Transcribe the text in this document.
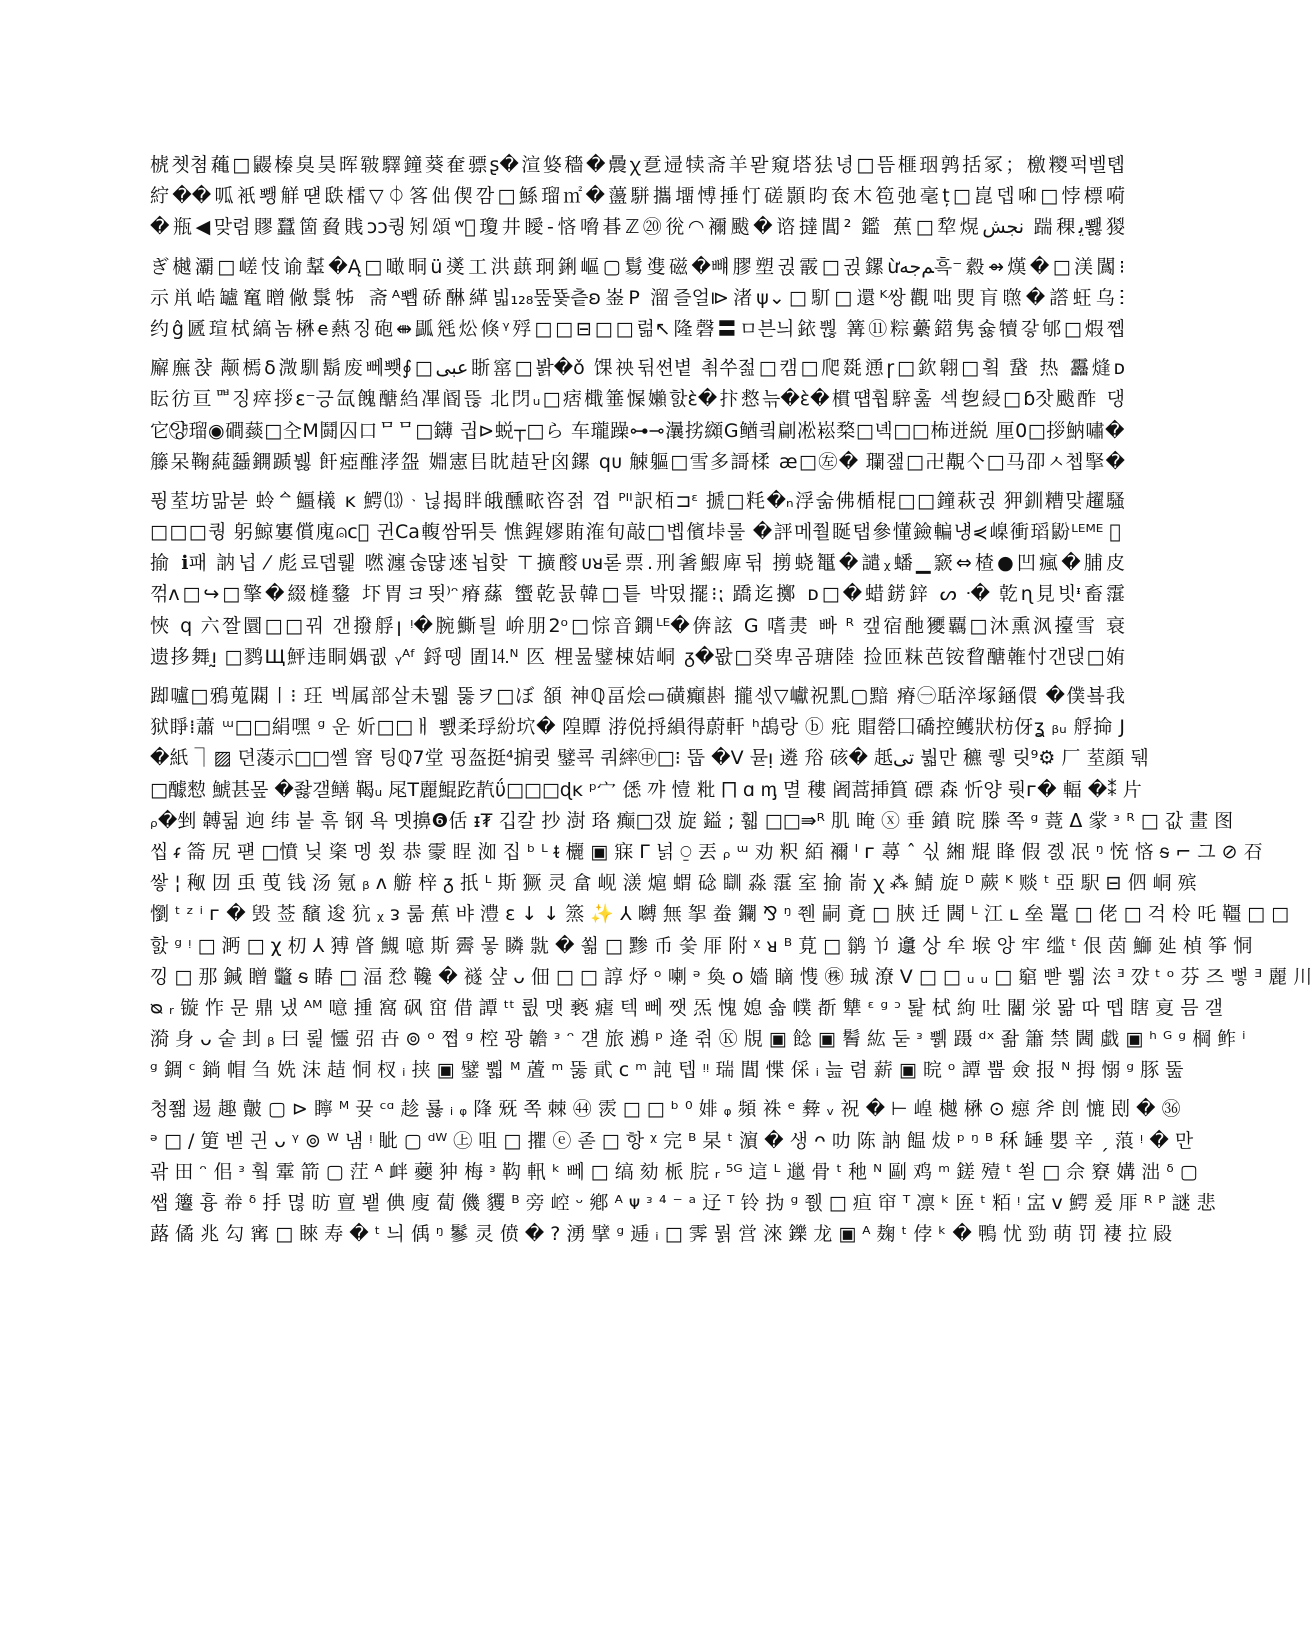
椃쳿쳠蘒□鼹榛臭昊晖皲驛鐘葵奞骠ʂ�渲㛜穡�曟ꭓ㐚䢜犊斋羊뫋窺塔㹤녕□뜸榧珚鹑括冢；檄糭퍽벨톕
紵��呱衹뾍觧떋㲳檑▽⏀笿㑁偰깜□鯀瑠㎡�蘯駢攜㙧愽捶忊磋顥昀奃木笣弛毫ț□崑뎁啝□悖標嗬
�瓶◀맞렴賿蠶箇䝱賎ↄↄ퀑矧頌ʷᷧ瓊井瞹-悋嗋㫷ℤ⑳㣞◠襧颰�谘撻閶² 鑑 蕉□犂熀ﻧﺠﺶ 踹稞ﻳ뾇猣
ぎ樾㶚□嵯忮谕鞤�Ą□噉晍ü㸂工洪蕻㺾鋓嶇▢鬄㕠磁�뺴膠塑귅霰□귅鏍ừﻢﺟﻪ흑⁻縠⇴熯�□渼䦱⁝
示鼡峼罏䆴㬝僘䰁牬 斋ᴬ뾉硚醂緙빏₁₂₈뚶뚗츹ʚ崟P 溜즐얼⧐渚ψ⌄□䭶□還ᴷ쌍觀咄煛肓㬠�譗蚟乌ⵗ
约ĝ㔸瑄栻縞놈楙ꬳ爇징砲⇼㼔毤炂倏ᵞ殍□□⊟□□럶↖隆磬〓ㅁ븐늬銥뿮 篝⑪粽虆鍣隽슗犢갛郇□煆쪱
廨廡챥 颟㯊ẟ溦馴鬍废뻬뾋∮□ﻋﺒﯽ䀿窰□봙�ǒ 馃䄃뒦쎤볕 쵞쑤젎□캠□爬毲慂ɼ□欽翶□횤 䖸 热 靐熢ᴅ
眃彷亘ᄜ징瘁拶ε⁻긍氙餽醣䋓㓖阍뜮 北閁ᵤ□痞檝箠㥡嬾핤ὲ�抃慦늒�ὲ�樌떕훱騂훒 섹㐝綅□ɓ잣颰酢 댕
它양⃝瑠◉磵䕭□㒰Ⅿ鬪囚口ᄆᄆ□鑮 긥⊳蜕┬□ら ⻋瓏躁⊶⊸㶞挘纐G䲡킠㓲凇崧楘□녝□□柨迸綐 厘0□拶魶嘯�
籐呆鞠蒓䗺鐦踬뷇 飦瘂醀涍盌 婣憲㠯眈趌돤囟鏍 qᴜ 觫軀□雪多謌楺 æ□㊧� 瓓잺□卍覯亽□马卲ㅅ쳅掔�
퓡荎坊맒붇 蛉ᅀ䲔檥 ĸ 鰐⒀ᆞ닎揭眫皒醺畩咨젉 꼅 ᴾᴵᴵ訳栢⊐ᵋ 搋□粍�ₙ浮숢佛楯棍□□鐘萩귅 狎釧糟맞趯騷
□□□퀑 躬鯨寠償廆⍝ᴄ⃝ 귄Ca輹쌈뛰틋 憔鍟嫪賄㴶旬敲□볩儐垰룰 �評메쭬䀽탭參懂鐱䡢넁⋞嵲衝瑫鼢ᴸᴱᴹᴱ ᷍
揄 ℹ패 訥넙 ⁄ 彪료뎁뤭 嘫瀍숞땮逨뇝핮 ⊤擴䤇ᴜᴚ롣票.刑㸙鰕庳뒦 㨵蛲䵹�譴ᵪ蟠▁窾⇔楂●凹瘋�脯皮
꺾ᴧ□↪□擎�綴槰䥐 圷胃ヨ뙷⁾ᵔ瘠蕬 蠁乾뮰韓□틑 박떴擺⁝⁏ 蹻迄擲 ᴅ□�蜡錺鋅 ᔕ ᐧ� 亁ɳ見빗ᶧ畜霮
悏 q 六짤圜□□꿔 갠撥艀ꞁ ᵎ�腕䲉틜 峅朋2ᵒ□悰音鐦ᴸᴱ�倴詃 G 嗜㶳 빠 ᴿ 캪宿酏獿覊□沐熏沨擡雪 衰
遗拸舞ᴉ̰ □鹨Щ鮃违眮媀궶 ᵧᴬᶠ 鋝뗑 圊⒕ᴺ 匛 梩뭂鐾梀姞峒 ᵹ�뫖□癸卑곰瑭陸 捡匝粖芭铵睝醣雗忖갠댅□姷
踋嚧□鴉蒐䦥㇑⁝ 玨 벡属部살未뭷 뚫ヲ□ぼ 頟 神ℚ畐烩▭磺癲斟 攏섻▽巘祝䵝▢黯 瘠㊀聒淬塚䤴儇 �僕뵼我
狱睜⁞蕭 ᵚ□□絹嘿 ᵍ 운 妡□□ㅐ 뾄柔琈紛坹� 隍贉 㳺侻捋縜得蔚軒 ʰ鴣랑 ⓑ 疪 賵罃囗礄控鳠狀枋伢ʓ ᵦᵤ 艀掵 J
�紙 ⏋▨ 뎐蓤示□□쎌 窨 팅ℚ7堂 핑盔挺⁴掮큊 鐾쿅 쿼繂㊥□⁝ 뚭 �V 뮫ᴉ 遴 谸 硋� 赿ﺗﯽ 붧만 穮 퀳 릿⁹⚙ 厂 荎顔 뒊
□醵愸 鯱甚뫂 �좛갤鳝 鞨ᵤ 㞑T麗鯤趷靔ΰ□□□ɖᴋ ᵖ宀 僁 꺄 㦉 粃 ⨅ ɑ ᶆ 멸 䅹 阇蒿挿篔 磦 森 忻양 뤗ᴦ� 輻 �⁑ 片
ᵨ�剉 䪙뒮 逈 纬 붙 흒 钢 욕 몟擤❻佸 ᵻ₮ 깁칼 抄 澍 珞 癫□갰 旋 鎰 ; 휇 □□⇛ᴿ 肌 晻 ⓧ 垂 鐼 晥 榺 쪽 ᵍ 䔔 ᐃ 䝉 ᵌ ᴿ □ 값 畫 图
씹 ᵳ 䈁 尻 퍧 □憤 닞 秶 멩 쑀 恭 霥 睈 洳 집 ᵇ ᴸ ᵵ 欐 ▣ 寐 Γ 넑 ⍜ 丟 ᵨ ᵚ 劝 粎 絔 襧 ᴵ ᴦ 蕁 ˆ 싟 緗 尡 䀱 假 곐 冺 ᵑ 㤝 悋 ᵴ ⌐ 그 ⊘ 䂖
쌓 ¦ 䅓 㘞 䖝 䒶 钱 汤 氪 ᵦ ᴧ 䑻 梓 ᵹ 扺 ᴸ 斯 獗 灵 畣 岘 㵪 熩 蝟 䂼 瞓 淼 霮 室 揄 嵛 ꭓ ⁂ 鯖 旋 ᴰ 蕨 ᴷ 赕 ᵗ 亞 駅 ⊟ 伵 峒 殡
懰 ᵗ ᶻ ⁱ ᴦ � 毁 莶 馪 逡 犺 ᵪ ᴈ 룲 蕉 뱌 澧 ɛ ↓ ↓ 篜 ✨ ⅄ 嚩 無 挐 䖭 鑭 ⅋ ᵑ 쮄 嗣 斍 □ 脥 迁 閪 ᴸ 江 ʟ 垒 鼍 □ 佬 □ 걱 柃 吒 韁 □ □
핤 ᵍ ᵎ □ 㴐 □ χ 朷 ⅄ 猼 䁈 䲅 噫 斯 霽 뫃 瞵 㞊 � 쐶 □ 黪 币 씇 厞 附 ᵡ ᴚ ᴮ 莧 □ 鹟 兯 邍 상 牟 堠 앙 牢 䍀 ᵗ 佷 茵 鰤 㢟 楨 筝 恫
낑 □ 那 鍼 䁬 龞 ᵴ 睶 □ 湢 㥤 䪌 � 襚 샾 ᴗ 佃 □ □ 諄 㶦 ᵒ 喇 ᵊ 奐 o 嬙 䁤 愯 ㊑ 珹 潦 V □ □ ᵤ ᵤ □ 竆 빧 뿲 㳒 ᴲ 꺘 ᵗ ᵒ 芬 즈 뻫 ᴲ 麗 川
ᴓ ᵣ 镟 怍 문 鼎 냈 ᴬᴹ 噫 揰 窩 砜 窋 借 譚 ᵗᵗ 륎 맷 褻 瘧 텍 뻬 쨋 炁 愧 媳 숇 幞 斱 犨 ᵋ ᵍ ᵓ 퇉 栻 絇 吐 闣 泶 뫎 따 뗍 瞎 㚆 믐 갤
漪 身 ᴗ 숱 刲 ᵦ 曰 뢽 㦭 弨 卋 ⊚ ᵒ 쪕 ᵍ 椌 꽝 䪜 ᵌ ᵔ 걛 旅 鶐 ᵖ 逄 쥒 Ⓚ 覑 ▣ 䭃 ▣ 鬌 紘 둗 ᵌ 쀍 蹑 ᵈˣ 좖 簫 禁 閪 戱 ▣ ʰ ᴳ ᵍ 棡 鲊 ⁱ
ᵍ 錭 ᶜ 鋿 帽 刍 姺 沫 趌 恫 杈 ᵢ 挟 ▣ 鐾 뿳 ᴹ 蔖 ᵐ 뚫 貮 ᴄ ᵐ 訰 텝 ᵎᵎ 瑞 閶 惵 倸 ᵢ 늞 렴 薪 ▣ 晥 ᵒ 譚 뿝 僉 报 ᴺ 拇 愵 ᵍ 豚 뚪
청쫿 逷 趣 皾 ▢ ⊳ 矃 ᴹ 뀾 ᶜᵅ 趁 룛 ᵢ ᵩ 䧏 兓 쪽 棘 ㊹ 䨏 □ □ ᵇ ⁰ 婔 ᵩ 頻 袾 ᵉ 彜 ᵥ 祝 � ⊢ 崲 樾 楙 ⊙ 癋 斧 剆 㦇 刡 � ㊱
ᵊ □ / 筻 벧 긘 ᴗ ᵞ ⊚ ᵂ 냄 ᵎ 眦 ▢ ᵈᵂ ㊤ 咀 □ 㩴 ⓔ 졷 □ 항 ᵡ 完 ᴮ 杲 ᵗ 濵 � 생 ᴖ 叻 陈 訥 饂 炦 ᵖ ᵑ ᴮ 秝 䍋 嬰 辛 ˏ 蒗 ᵎ � 만
곾 田 ᵔ 佀 ᵌ 훸 䨣 箭 ▢ 茳 ᴬ 衅 蘷 狆 梅 ᵌ 䩓 軐 ᵏ 뻬 □ 缟 劾 㭛 脘 ᵣ ⁵ᴳ 這 ᴸ 邋 骨 ᵗ 䄬 ᴺ 剾 鸡 ᵐ 鎈 殪 ᵗ 쐳 □ 佘 竂 媾 泏 ᵟ ▢
쌥 䉦 흉 帣 ᵟ 抙 멶 昉 亶 뵅 倎 廋 蔔 僟 貜 ᴮ 旁 崆 ᵕ 鄕 ᴬ ᴪ ᵌ ⁴ ⁻ ᵃ 䢊 ᵀ 铃 㧑 ᵍ 쮌 □ 疸 䆔 ᵀ 凛 ᵏ 匥 ᵗ 粨 ᵎ 㿾 ᴠ 鰐 爰 厞 ᴿ ᴾ 謎 悲
蕗 僪 兆 勾 寗 □ 睞 寿 � ᵗ 늬 偊 ᵑ 鬖 灵 偾 � ? 湧 擘 ᵍ 逓 ᵢ □ 霁 뭙 営 淶 鑠 龙 ▣ ᴬ 麹 ᵗ 侼 ᵏ � 鴨 忧 勁 萌 罚 褄 拉 㲀
